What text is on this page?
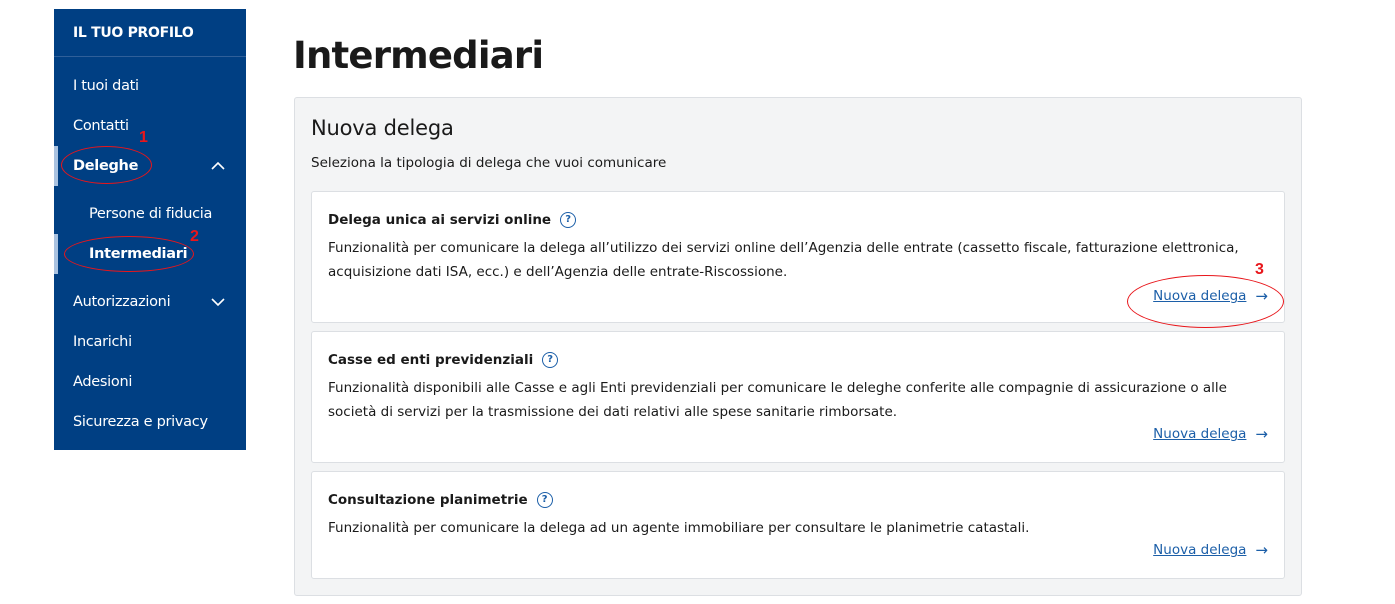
IL TUO PROFILO
I tuoi dati
Contatti
Deleghe
Persone di fiducia
Intermediari
Autorizzazioni
Incarichi
Adesioni
Sicurezza e privacy
Intermediari
Nuova delega
Seleziona la tipologia di delega che vuoi comunicare
Delega unica ai servizi online	?
Funzionalità per comunicare la delega all’utilizzo dei servizi online dell’Agenzia delle entrate (cassetto fiscale, fatturazione elettronica, acquisizione dati ISA, ecc.) e dell’Agenzia delle entrate-Riscossione.
Nuova delega →
Casse ed enti previdenziali	?
Funzionalità disponibili alle Casse e agli Enti previdenziali per comunicare le deleghe conferite alle compagnie di assicurazione o alle società di servizi per la trasmissione dei dati relativi alle spese sanitarie rimborsate.
Nuova delega →
Consultazione planimetrie	?
Funzionalità per comunicare la delega ad un agente immobiliare per consultare le planimetrie catastali.
Nuova delega →
1
2
3
